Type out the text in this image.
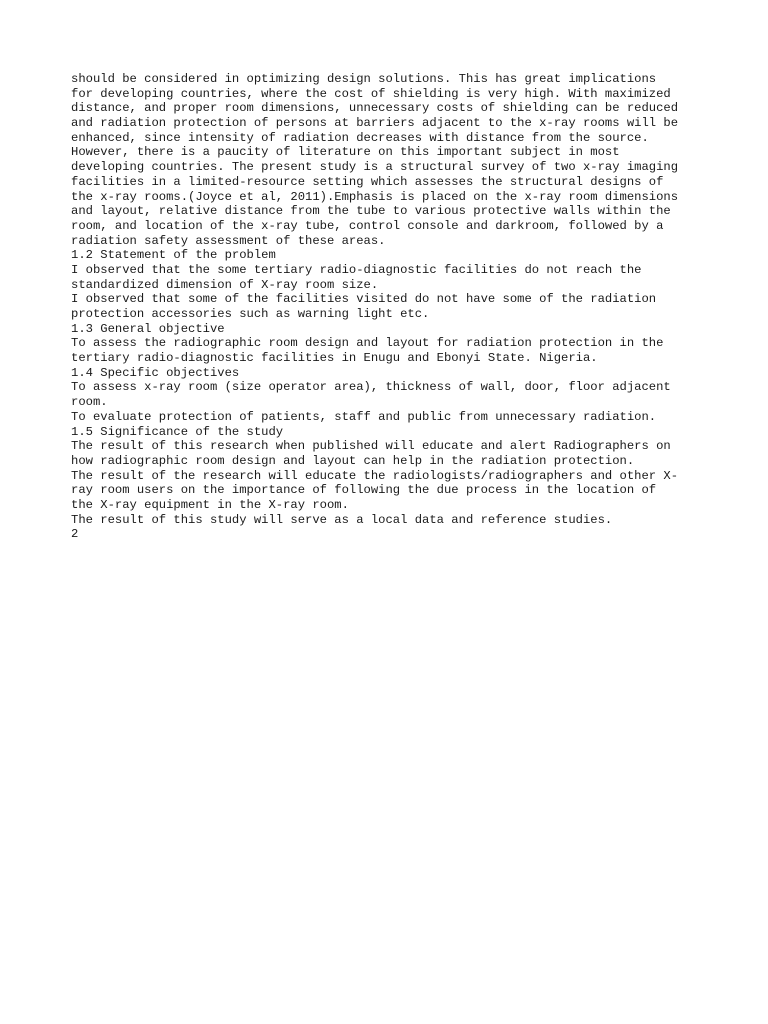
should be considered in optimizing design solutions. This has great implications
for developing countries, where the cost of shielding is very high. With maximized
distance, and proper room dimensions, unnecessary costs of shielding can be reduced
and radiation protection of persons at barriers adjacent to the x-ray rooms will be
enhanced, since intensity of radiation decreases with distance from the source.
However, there is a paucity of literature on this important subject in most
developing countries. The present study is a structural survey of two x-ray imaging
facilities in a limited-resource setting which assesses the structural designs of
the x-ray rooms.(Joyce et al, 2011).Emphasis is placed on the x-ray room dimensions
and layout, relative distance from the tube to various protective walls within the
room, and location of the x-ray tube, control console and darkroom, followed by a
radiation safety assessment of these areas.
1.2 Statement of the problem
I observed that the some tertiary radio-diagnostic facilities do not reach the
standardized dimension of X-ray room size.
I observed that some of the facilities visited do not have some of the radiation
protection accessories such as warning light etc.
1.3 General objective
To assess the radiographic room design and layout for radiation protection in the
tertiary radio-diagnostic facilities in Enugu and Ebonyi State. Nigeria.
1.4 Specific objectives
To assess x-ray room (size operator area), thickness of wall, door, floor adjacent
room.
To evaluate protection of patients, staff and public from unnecessary radiation.
1.5 Significance of the study
The result of this research when published will educate and alert Radiographers on
how radiographic room design and layout can help in the radiation protection.
The result of the research will educate the radiologists/radiographers and other X-
ray room users on the importance of following the due process in the location of
the X-ray equipment in the X-ray room.
The result of this study will serve as a local data and reference studies.
2
